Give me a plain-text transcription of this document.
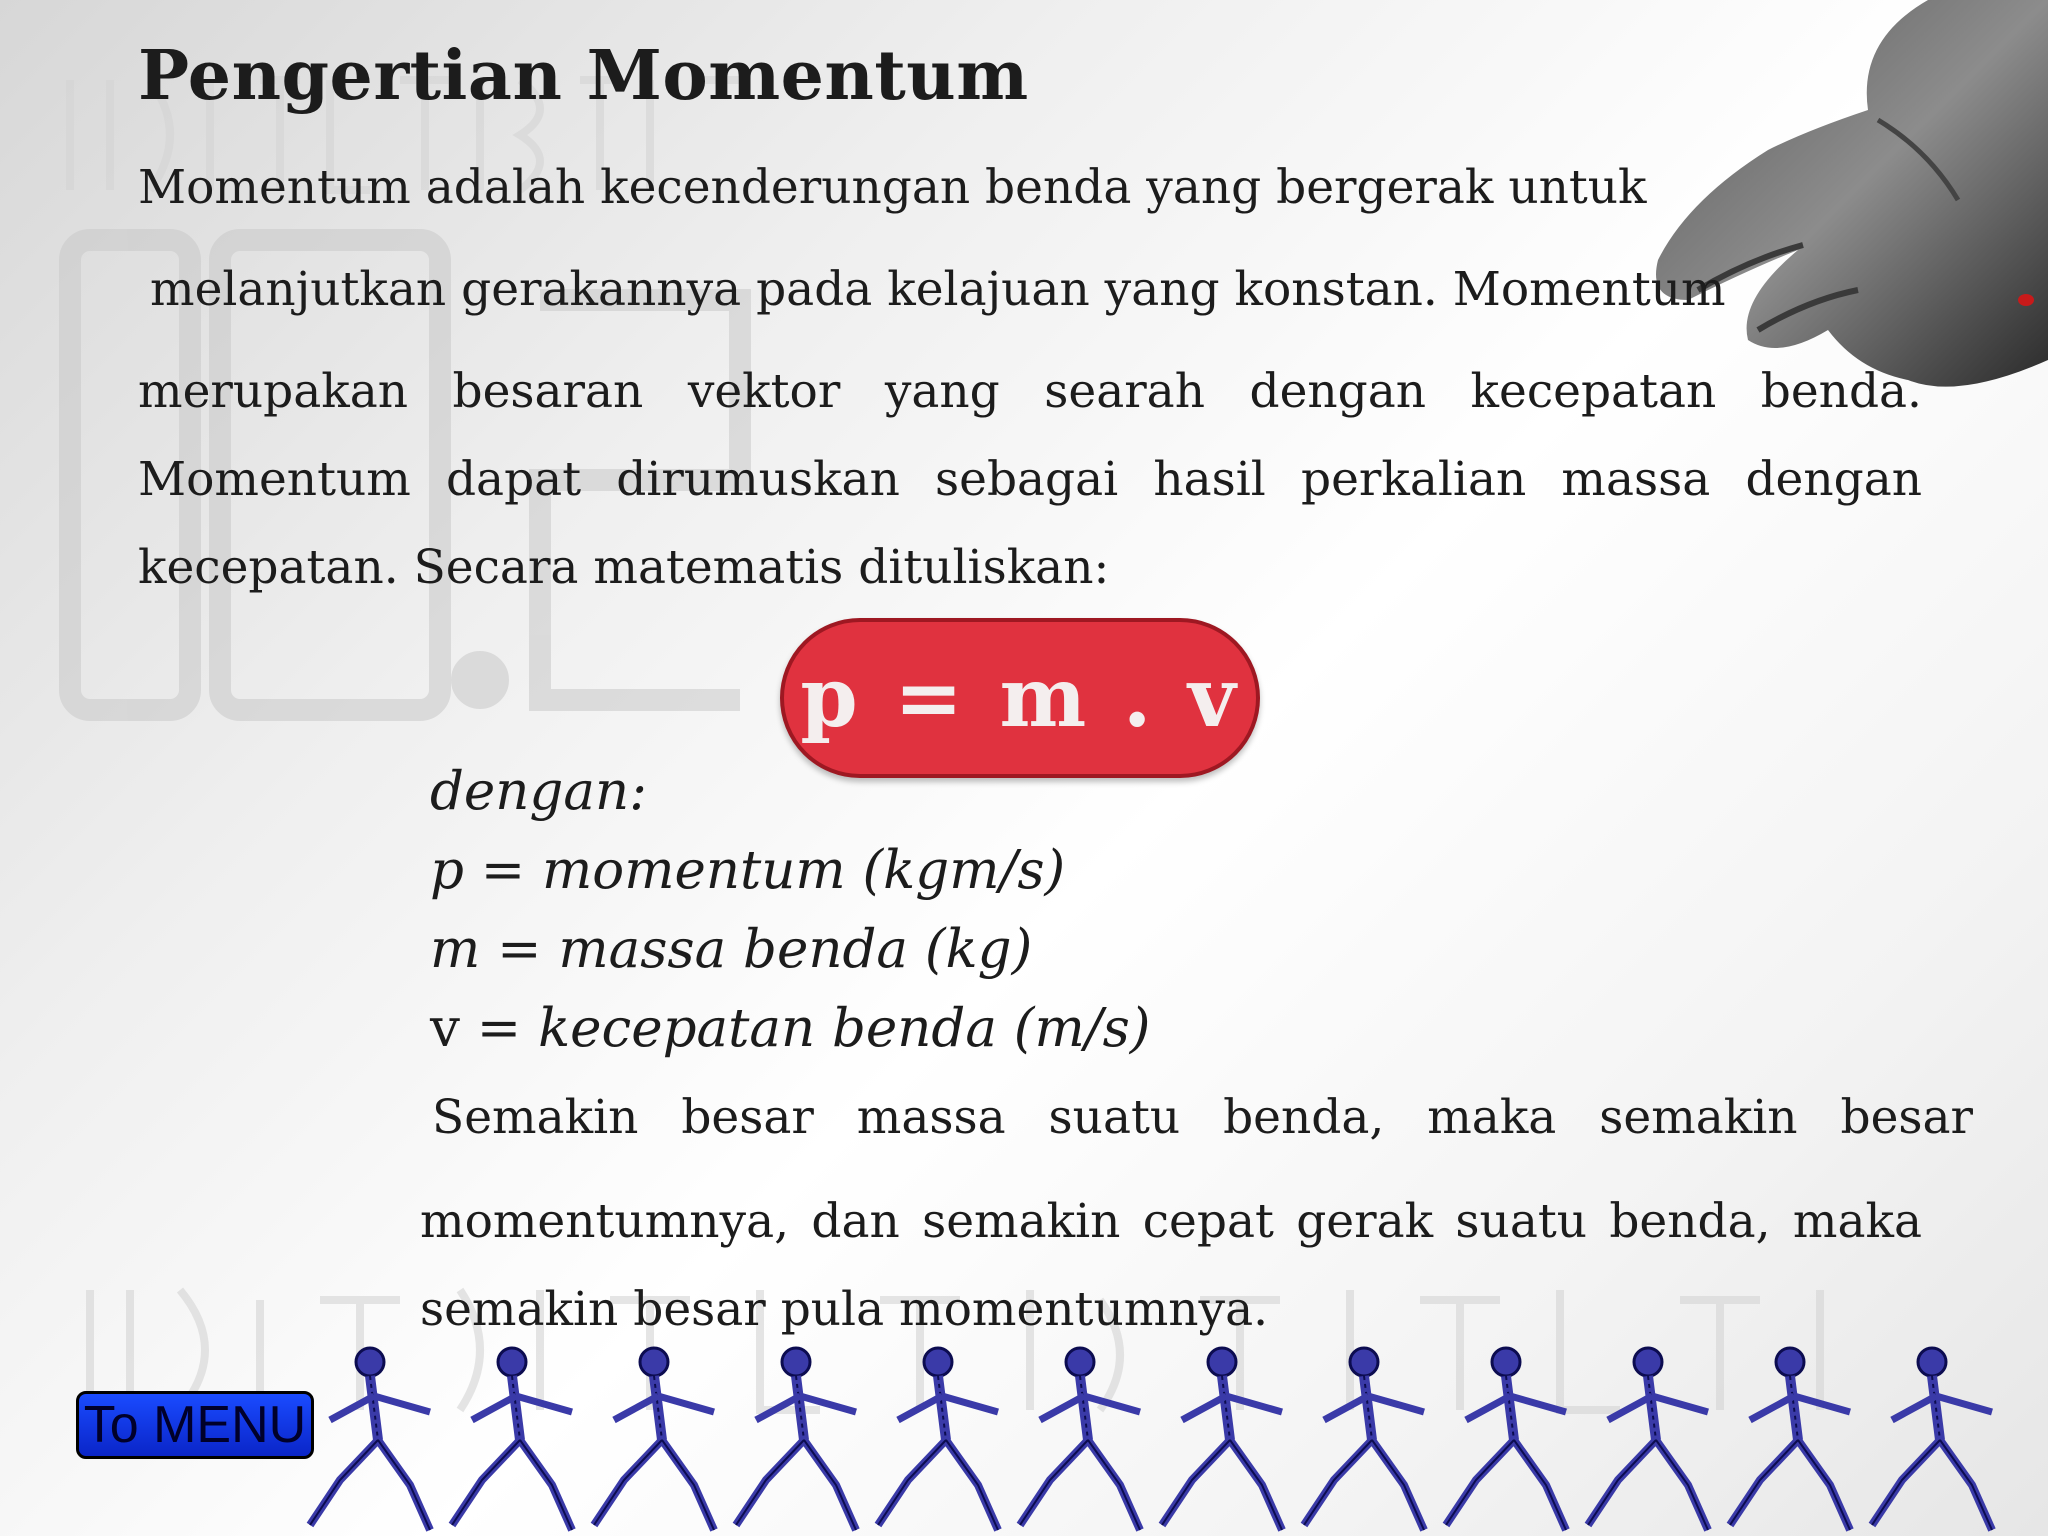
Pengertian Momentum

Momentum adalah kecenderungan benda yang bergerak untuk

melanjutkan gerakannya pada kelajuan yang konstan. Momentum

merupakan besaran vektor yang searah dengan kecepatan benda. Momentum dapat dirumuskan sebagai hasil perkalian massa dengan kecepatan. Secara matematis dituliskan:

p = m . v
dengan:
p = momentum (kgm/s)
m = massa benda (kg)
v = kecepatan benda (m/s)

Semakin besar massa suatu benda, maka semakin besar

momentumnya, dan semakin cepat gerak suatu benda, maka semakin besar pula momentumnya.

To MENU
